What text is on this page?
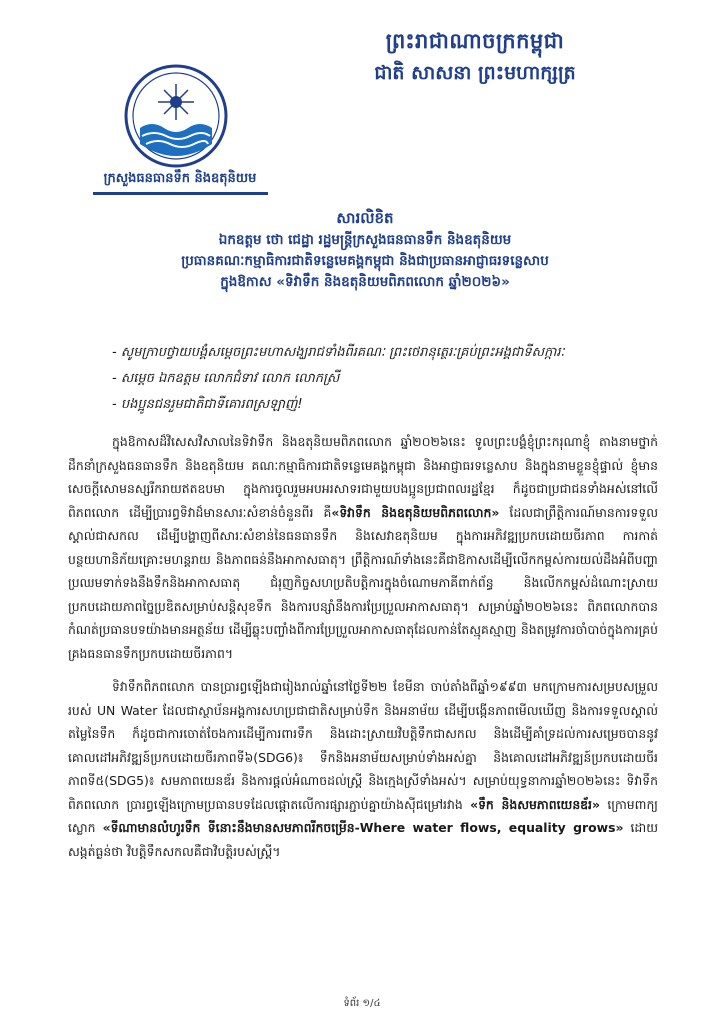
ព្រះរាជាណាចក្រកម្ពុជា
ជាតិ សាសនា ព្រះមហាក្សត្រ
ក្រសួងធនធានទឹក និងឧតុនិយម
សារលិខិត
ឯកឧត្តម ថោ ជេដ្ឋា រដ្ឋមន្ត្រីក្រសួងធនធានទឹក និងឧតុនិយម
ប្រធានគណៈកម្មាធិការជាតិទន្លេមេគង្គកម្ពុជា និងជាប្រធានអាជ្ញាធរទន្លេសាប
ក្នុងឱកាស «ទិវាទឹក និងឧតុនិយមពិភពលោក ឆ្នាំ២០២៦»
- សូមក្រាបថ្វាយបង្គំសម្តេចព្រះមហាសង្ឃរាជទាំងពីរគណៈ ព្រះថេរានុត្ថេរៈគ្រប់ព្រះអង្គជាទីសក្ការៈ
- សម្តេច ឯកឧត្តម លោកជំទាវ លោក លោកស្រី
- បងប្អូនជនរួមជាតិជាទីគោរពស្រឡាញ់!

ក្នុងឱកាសដ៏វិសេសវិសាលនៃទិវាទឹក និងឧតុនិយមពិភពលោក ឆ្នាំ២០២៦នេះ ទូលព្រះបង្គំខ្ញុំព្រះករុណាខ្ញុំ តាងនាមថ្នាក់ដឹកនាំក្រសួងធនធានទឹក និងឧតុនិយម គណៈកម្មាធិការជាតិទន្លេមេគង្គកម្ពុជា និងអាជ្ញាធរទន្លេសាប និងក្នុងនាមខ្លួនខ្ញុំផ្ទាល់ ខ្ញុំមានសេចក្តីសោមនស្សរីករាយឥតឧបមា ក្នុងការចូលរួមអបអរសាទរជាមួយបងប្អូនប្រជាពលរដ្ឋខ្មែរ ក៏ដូចជាប្រជាជនទាំងអស់នៅលើពិភពលោក ដើម្បីប្រារព្ធទិវាដ៏មានសារៈសំខាន់ចំនួនពីរ គឺ«ទិវាទឹក និងឧតុនិយមពិភពលោក» ដែលជាព្រឹត្តិការណ៍មានការទទួលស្គាល់ជាសកល ដើម្បីបង្ហាញពីសារៈសំខាន់នៃធនធានទឹក និងសេវាឧតុនិយម ក្នុងការអភិវឌ្ឍប្រកបដោយចីរភាព ការកាត់បន្ថយហានិភ័យគ្រោះមហន្តរាយ និងភាពធន់នឹងអាកាសធាតុ។ ព្រឹត្តិការណ៍ទាំងនេះគឺជាឱកាសដើម្បីលើកកម្ពស់ការយល់ដឹងអំពីបញ្ហាប្រឈមទាក់ទងនឹងទឹកនិងអាកាសធាតុ ជំរុញកិច្ចសហប្រតិបត្តិការក្នុងចំណោមភាគីពាក់ព័ន្ធ និងលើកកម្ពស់ដំណោះស្រាយប្រកបដោយភាពច្នៃប្រឌិតសម្រាប់សន្តិសុខទឹក និងការបន្សាំនឹងការប្រែប្រួលអាកាសធាតុ។ សម្រាប់ឆ្នាំ២០២៦នេះ ពិភពលោកបានកំណត់ប្រធានបទយ៉ាងមានអត្ថន័យ ដើម្បីឆ្លុះបញ្ចាំងពីការប្រែប្រួលអាកាសធាតុដែលកាន់តែស្មុគស្មាញ និងតម្រូវការចាំបាច់ក្នុងការគ្រប់គ្រងធនធានទឹកប្រកបដោយចីរភាព។

ទិវាទឹកពិភពលោក បានប្រារព្ធឡើងជារៀងរាល់ឆ្នាំនៅថ្ងៃទី២២ ខែមីនា ចាប់តាំងពីឆ្នាំ១៩៩៣ មកក្រោមការសម្របសម្រួលរបស់ UN Water ដែលជាស្ថាប័នអង្គការសហប្រជាជាតិសម្រាប់ទឹក និងអនាម័យ ដើម្បីបង្កើនភាពមើលឃើញ និងការទទួលស្គាល់តម្លៃនៃទឹក ក៏ដូចជាការចោត់ចែងការដើម្បីការពារទឹក និងដោះស្រាយវិបត្តិទឹកជាសកល និងដើម្បីគាំទ្រដល់ការសម្រេចបាននូវគោលដៅអភិវឌ្ឍន៍ប្រកបដោយចីរភាពទី៦(SDG6)៖ ទឹកនិងអនាម័យសម្រាប់ទាំងអស់គ្នា និងគោលដៅអភិវឌ្ឍន៍ប្រកបដោយចីរភាពទី៥(SDG5)៖ សមភាពយេនឌ័រ និងការផ្តល់អំណាចដល់ស្ត្រី និងក្មេងស្រីទាំងអស់។ សម្រាប់យុទ្ធនាការឆ្នាំ២០២៦នេះ ទិវាទឹកពិភពលោក ប្រារព្ធឡើងក្រោមប្រធានបទដែលផ្តោតលើការផ្សារភ្ជាប់គ្នាយ៉ាងស៊ីជម្រៅរវាង «ទឹក និងសមភាពយេនឌ័រ» ក្រោមពាក្យស្លោក «ទីណាមានលំហូរទឹក ទីនោះនឹងមានសមភាពរីកចម្រើន-Where water flows, equality grows» ដោយសង្កត់ធ្ងន់ថា វិបត្តិទឹកសកលគឺជាវិបត្តិរបស់ស្ត្រី។

ទំព័រ ១/៤
